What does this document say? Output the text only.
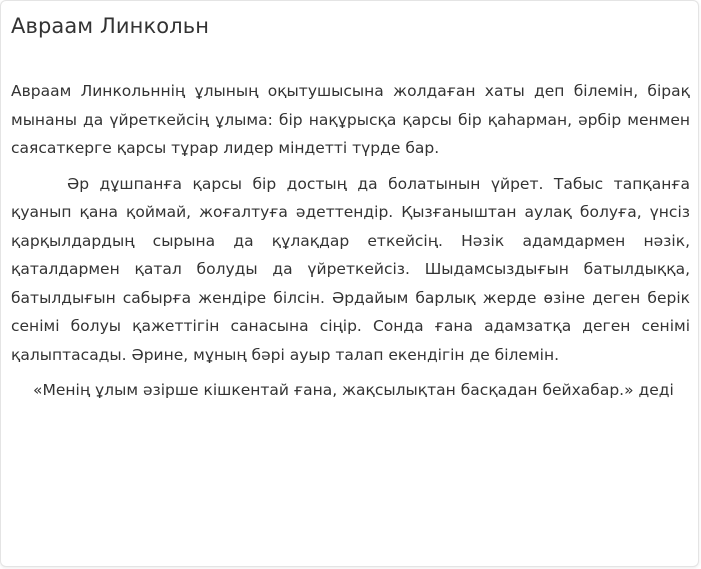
Авраам Линкольн

Авраам Линкольннің ұлының оқытушысына жолдаған хаты деп білемін, бірақ мынаны да үйреткейсің ұлыма: бір нақұрысқа қарсы бір қаһарман, әрбір менмен саясаткерге қарсы тұрар лидер міндетті түрде бар.

Әр дұшпанға қарсы бір достың да болатынын үйрет. Табыс тапқанға қуанып қана қоймай, жоғалтуға әдеттендір. Қызғаныштан аулақ болуға, үнсіз қарқылдардың сырына да құлақдар еткейсің. Нәзік адамдармен нәзік, қаталдармен қатал болуды да үйреткейсіз. Шыдамсыздығын батылдыққа, батылдығын сабырға жендіре білсін. Әрдайым барлық жерде өзіне деген берік сенімі болуы қажеттігін санасына сіңір. Сонда ғана адамзатқа деген сенімі қалыптасады. Әрине, мұның бәрі ауыр талап екендігін де білемін.

«Менің ұлым әзірше кішкентай ғана, жақсылықтан басқадан бейхабар.» деді
